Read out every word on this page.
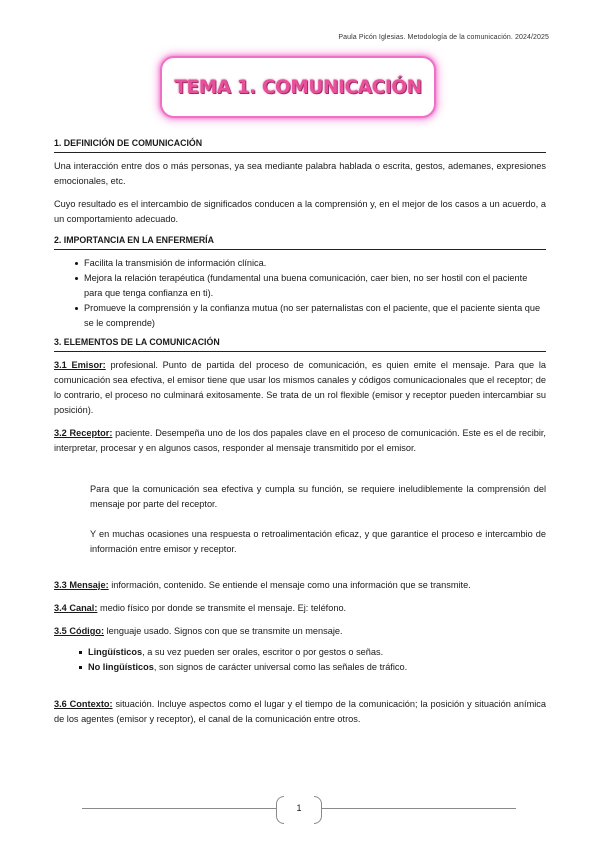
Paula Picón Iglesias. Metodología de la comunicación. 2024/2025
TEMA 1. COMUNICACIÓN
1. DEFINICIÓN DE COMUNICACIÓN

Una interacción entre dos o más personas, ya sea mediante palabra hablada o escrita, gestos, ademanes, expresiones emocionales, etc.

Cuyo resultado es el intercambio de significados conducen a la comprensión y, en el mejor de los casos a un acuerdo, a un comportamiento adecuado.

2. IMPORTANCIA EN LA ENFERMERÍA
Facilita la transmisión de información clínica.
Mejora la relación terapéutica (fundamental una buena comunicación, caer bien, no ser hostil con el paciente para que tenga confianza en ti).
Promueve la comprensión y la confianza mutua (no ser paternalistas con el paciente, que el paciente sienta que se le comprende)
3. ELEMENTOS DE LA COMUNICACIÓN

3.1 Emisor: profesional. Punto de partida del proceso de comunicación, es quien emite el mensaje. Para que la comunicación sea efectiva, el emisor tiene que usar los mismos canales y códigos comunicacionales que el receptor; de lo contrario, el proceso no culminará exitosamente. Se trata de un rol flexible (emisor y receptor pueden intercambiar su posición).

3.2 Receptor: paciente. Desempeña uno de los dos papales clave en el proceso de comunicación. Este es el de recibir, interpretar, procesar y en algunos casos, responder al mensaje transmitido por el emisor.

Para que la comunicación sea efectiva y cumpla su función, se requiere ineludiblemente la comprensión del mensaje por parte del receptor.

Y en muchas ocasiones una respuesta o retroalimentación eficaz, y que garantice el proceso e intercambio de información entre emisor y receptor.

3.3 Mensaje: información, contenido. Se entiende el mensaje como una información que se transmite.

3.4 Canal: medio físico por donde se transmite el mensaje. Ej: teléfono.

3.5 Código: lenguaje usado. Signos con que se transmite un mensaje.

Lingüísticos, a su vez pueden ser orales, escritor o por gestos o señas.
No lingüísticos, son signos de carácter universal como las señales de tráfico.

3.6 Contexto: situación. Incluye aspectos como el lugar y el tiempo de la comunicación; la posición y situación anímica de los agentes (emisor y receptor), el canal de la comunicación entre otros.

1
